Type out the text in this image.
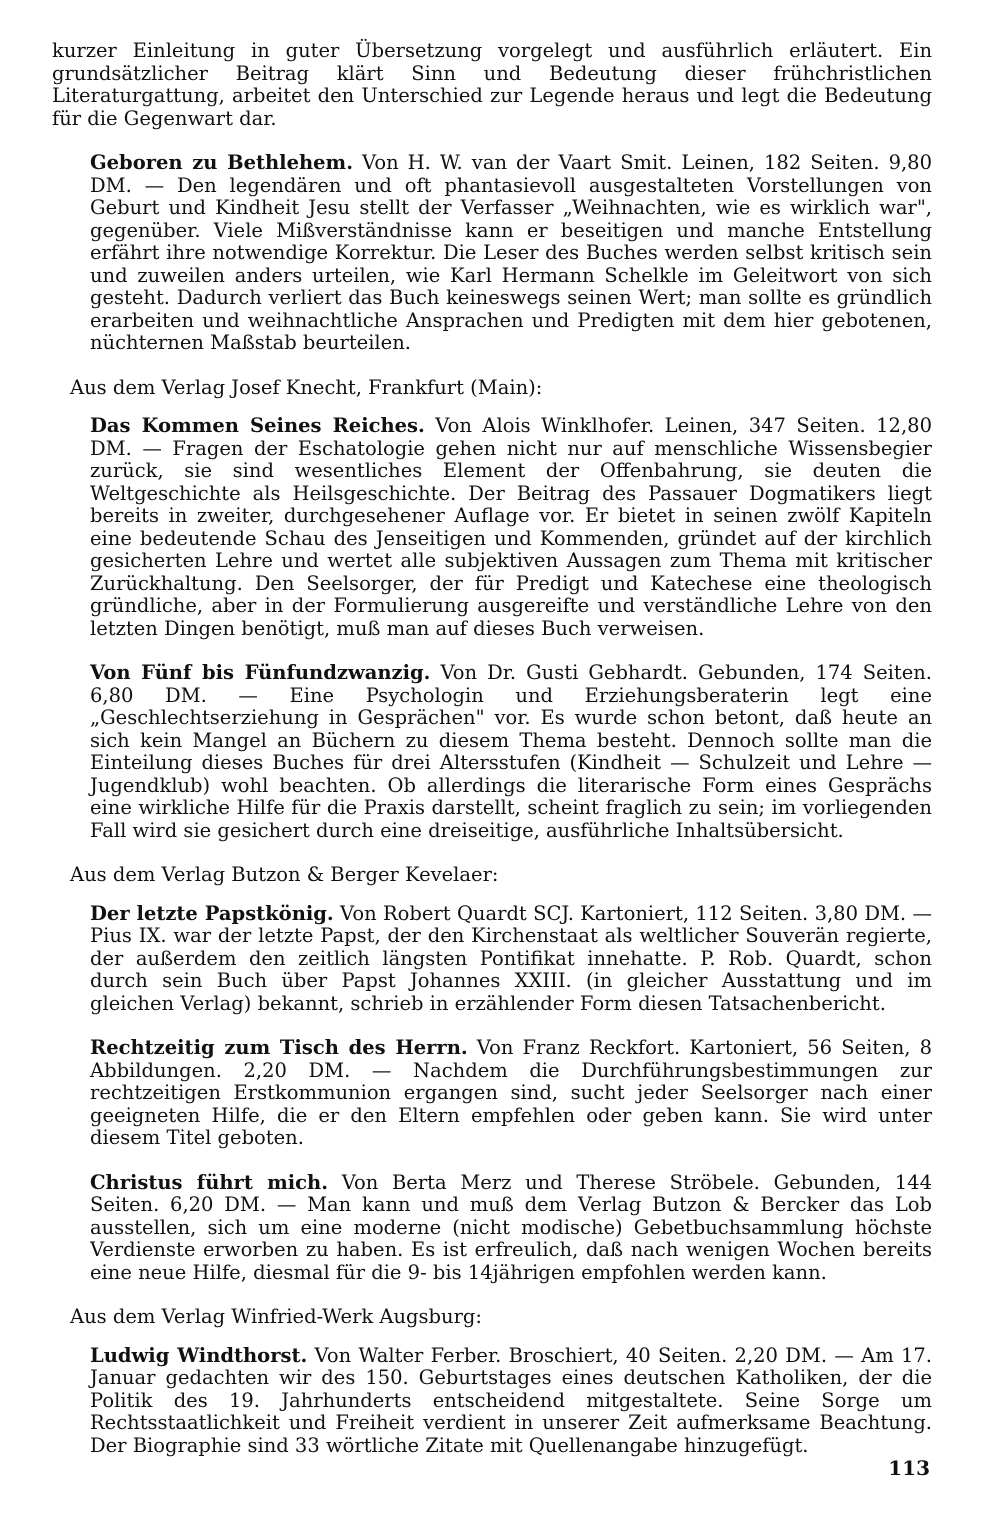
kurzer Einleitung in guter Übersetzung vorgelegt und ausführlich erläutert. Ein grundsätzlicher Beitrag klärt Sinn und Bedeutung dieser frühchristlichen Literaturgattung, arbeitet den Unterschied zur Legende heraus und legt die Bedeutung für die Gegenwart dar.

Geboren zu Bethlehem. Von H. W. van der Vaart Smit. Leinen, 182 Seiten. 9,80 DM. — Den legendären und oft phantasievoll ausgestalteten Vorstellungen von Geburt und Kindheit Jesu stellt der Verfasser „Weihnachten, wie es wirklich war", gegenüber. Viele Mißverständnisse kann er beseitigen und manche Entstellung erfährt ihre notwendige Korrektur. Die Leser des Buches werden selbst kritisch sein und zuweilen anders urteilen, wie Karl Hermann Schelkle im Geleitwort von sich gesteht. Dadurch verliert das Buch keineswegs seinen Wert; man sollte es gründlich erarbeiten und weihnachtliche Ansprachen und Predigten mit dem hier gebotenen, nüchternen Maßstab beurteilen.

Aus dem Verlag Josef Knecht, Frankfurt (Main):

Das Kommen Seines Reiches. Von Alois Winklhofer. Leinen, 347 Seiten. 12,80 DM. — Fragen der Eschatologie gehen nicht nur auf menschliche Wissensbegier zurück, sie sind wesentliches Element der Offenbahrung, sie deuten die Weltgeschichte als Heilsgeschichte. Der Beitrag des Passauer Dogmatikers liegt bereits in zweiter, durchgesehener Auflage vor. Er bietet in seinen zwölf Kapiteln eine bedeutende Schau des Jenseitigen und Kommenden, gründet auf der kirchlich gesicherten Lehre und wertet alle subjektiven Aussagen zum Thema mit kritischer Zurückhaltung. Den Seelsorger, der für Predigt und Katechese eine theologisch gründliche, aber in der Formulierung ausgereifte und verständliche Lehre von den letzten Dingen benötigt, muß man auf dieses Buch verweisen.

Von Fünf bis Fünfundzwanzig. Von Dr. Gusti Gebhardt. Gebunden, 174 Seiten. 6,80 DM. — Eine Psychologin und Erziehungsberaterin legt eine „Geschlechtserziehung in Gesprächen" vor. Es wurde schon betont, daß heute an sich kein Mangel an Büchern zu diesem Thema besteht. Dennoch sollte man die Einteilung dieses Buches für drei Altersstufen (Kindheit — Schulzeit und Lehre — Jugendklub) wohl beachten. Ob allerdings die literarische Form eines Gesprächs eine wirkliche Hilfe für die Praxis darstellt, scheint fraglich zu sein; im vorliegenden Fall wird sie gesichert durch eine dreiseitige, ausführliche Inhaltsübersicht.

Aus dem Verlag Butzon & Berger Kevelaer:

Der letzte Papstkönig. Von Robert Quardt SCJ. Kartoniert, 112 Seiten. 3,80 DM. — Pius IX. war der letzte Papst, der den Kirchenstaat als weltlicher Souverän regierte, der außerdem den zeitlich längsten Pontifikat innehatte. P. Rob. Quardt, schon durch sein Buch über Papst Johannes XXIII. (in gleicher Ausstattung und im gleichen Verlag) bekannt, schrieb in erzählender Form diesen Tatsachenbericht.

Rechtzeitig zum Tisch des Herrn. Von Franz Reckfort. Kartoniert, 56 Seiten, 8 Abbildungen. 2,20 DM. — Nachdem die Durchführungsbestimmungen zur rechtzeitigen Erstkommunion ergangen sind, sucht jeder Seelsorger nach einer geeigneten Hilfe, die er den Eltern empfehlen oder geben kann. Sie wird unter diesem Titel geboten.

Christus führt mich. Von Berta Merz und Therese Ströbele. Gebunden, 144 Seiten. 6,20 DM. — Man kann und muß dem Verlag Butzon & Bercker das Lob ausstellen, sich um eine moderne (nicht modische) Gebetbuchsammlung höchste Verdienste erworben zu haben. Es ist erfreulich, daß nach wenigen Wochen bereits eine neue Hilfe, diesmal für die 9- bis 14jährigen empfohlen werden kann.

Aus dem Verlag Winfried-Werk Augsburg:

Ludwig Windthorst. Von Walter Ferber. Broschiert, 40 Seiten. 2,20 DM. — Am 17. Januar gedachten wir des 150. Geburtstages eines deutschen Katholiken, der die Politik des 19. Jahrhunderts entscheidend mitgestaltete. Seine Sorge um Rechtsstaatlichkeit und Freiheit verdient in unserer Zeit aufmerksame Beachtung. Der Biographie sind 33 wörtliche Zitate mit Quellenangabe hinzugefügt.

113
